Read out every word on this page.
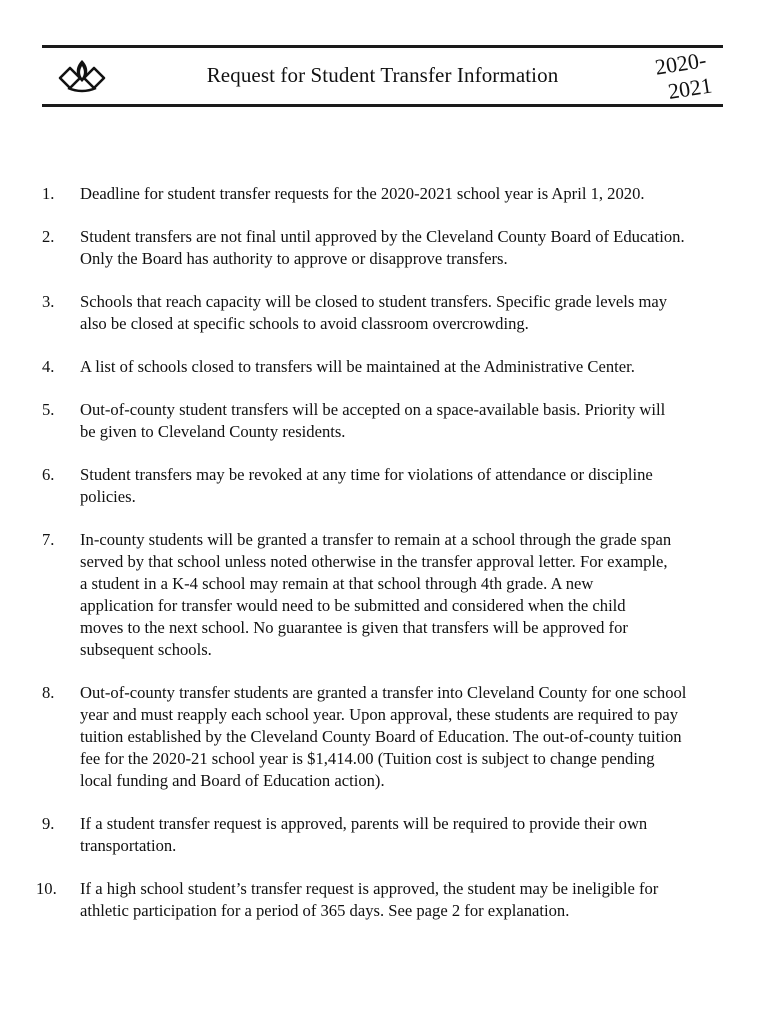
Request for Student Transfer Information	2020-
2021
1.	Deadline for student transfer requests for the 2020-2021 school year is April 1, 2020.
2.	Student transfers are not final until approved by the Cleveland County Board of Education.
Only the Board has authority to approve or disapprove transfers.
3.	Schools that reach capacity will be closed to student transfers. Specific grade levels may
also be closed at specific schools to avoid classroom overcrowding.
4.	A list of schools closed to transfers will be maintained at the Administrative Center.
5.	Out-of-county student transfers will be accepted on a space-available basis. Priority will
be given to Cleveland County residents.
6.	Student transfers may be revoked at any time for violations of attendance or discipline
policies.
7.	In-county students will be granted a transfer to remain at a school through the grade span
served by that school unless noted otherwise in the transfer approval letter. For example,
a student in a K-4 school may remain at that school through 4th grade. A new
application for transfer would need to be submitted and considered when the child
moves to the next school. No guarantee is given that transfers will be approved for
subsequent schools.
8.	Out-of-county transfer students are granted a transfer into Cleveland County for one school
year and must reapply each school year. Upon approval, these students are required to pay
tuition established by the Cleveland County Board of Education. The out-of-county tuition
fee for the 2020-21 school year is $1,414.00 (Tuition cost is subject to change pending
local funding and Board of Education action).
9.	If a student transfer request is approved, parents will be required to provide their own
transportation.
10.	If a high school student’s transfer request is approved, the student may be ineligible for
athletic participation for a period of 365 days. See page 2 for explanation.
